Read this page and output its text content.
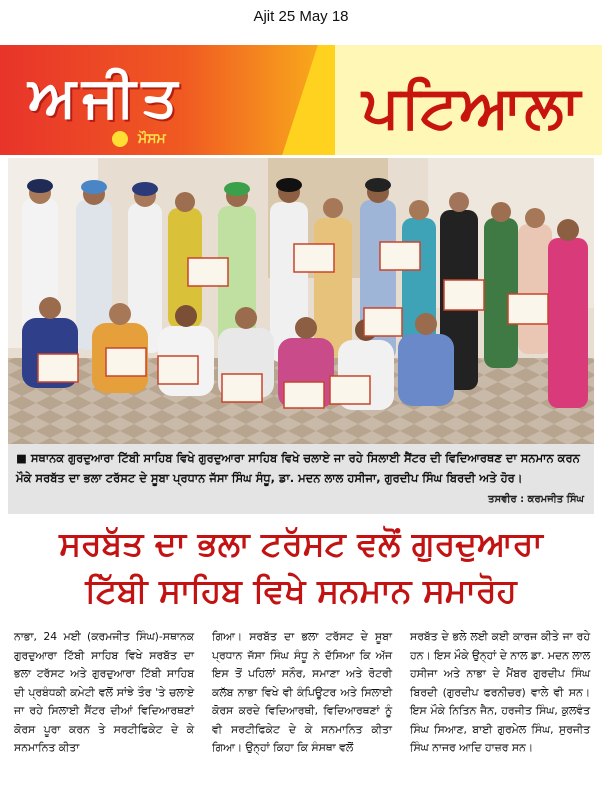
Ajit 25 May 18
ਅਜੀਤ
ਮੌਸਮ	ਪਟਿਆਲਾ
■ ਸਥਾਨਕ ਗੁਰਦੁਆਰਾ ਟਿੱਬੀ ਸਾਹਿਬ ਵਿਖੇ ਗੁਰਦੁਆਰਾ ਸਾਹਿਬ ਵਿਖੇ ਚਲਾਏ ਜਾ ਰਹੇ ਸਿਲਾਈ ਸੈਂਟਰ ਦੀ ਵਿਦਿਆਰਥਣ ਦਾ ਸਨਮਾਨ ਕਰਨ ਮੌਕੇ ਸਰਬੱਤ ਦਾ ਭਲਾ ਟਰੱਸਟ ਦੇ ਸੂਬਾ ਪ੍ਰਧਾਨ ਜੱਸਾ ਸਿੰਘ ਸੰਧੂ, ਡਾ. ਮਦਨ ਲਾਲ ਹਸੀਜਾ, ਗੁਰਦੀਪ ਸਿੰਘ ਬਿਰਦੀ ਅਤੇ ਹੋਰ।
ਤਸਵੀਰ : ਕਰਮਜੀਤ ਸਿੰਘ
ਸਰਬੱਤ ਦਾ ਭਲਾ ਟਰੱਸਟ ਵਲੋਂ ਗੁਰਦੁਆਰਾ
ਟਿੱਬੀ ਸਾਹਿਬ ਵਿਖੇ ਸਨਮਾਨ ਸਮਾਰੋਹ
ਨਾਭਾ, 24 ਮਈ (ਕਰਮਜੀਤ ਸਿੰਘ)-ਸਥਾਨਕ ਗੁਰਦੁਆਰਾ ਟਿੱਬੀ ਸਾਹਿਬ ਵਿਖੇ ਸਰਬੱਤ ਦਾ ਭਲਾ ਟਰੱਸਟ ਅਤੇ ਗੁਰਦੁਆਰਾ ਟਿੱਬੀ ਸਾਹਿਬ ਦੀ ਪ੍ਰਬੰਧਕੀ ਕਮੇਟੀ ਵਲੋਂ ਸਾਂਝੇ ਤੌਰ 'ਤੇ ਚਲਾਏ ਜਾ ਰਹੇ ਸਿਲਾਈ ਸੈਂਟਰ ਦੀਆਂ ਵਿਦਿਆਰਥਣਾਂ ਕੋਰਸ ਪੂਰਾ ਕਰਨ ਤੇ ਸਰਟੀਫਿਕੇਟ ਦੇ ਕੇ ਸਨਮਾਨਿਤ ਕੀਤਾ
ਗਿਆ। ਸਰਬੱਤ ਦਾ ਭਲਾ ਟਰੱਸਟ ਦੇ ਸੂਬਾ ਪ੍ਰਧਾਨ ਜੱਸਾ ਸਿੰਘ ਸੰਧੂ ਨੇ ਦੱਸਿਆ ਕਿ ਅੱਜ ਇਸ ਤੋਂ ਪਹਿਲਾਂ ਸਨੌਰ, ਸਮਾਣਾ ਅਤੇ ਰੋਟਰੀ ਕਲੱਬ ਨਾਭਾ ਵਿਖੇ ਵੀ ਕੰਪਿਊਟਰ ਅਤੇ ਸਿਲਾਈ ਕੋਰਸ ਕਰਦੇ ਵਿਦਿਆਰਥੀ, ਵਿਦਿਆਰਥਣਾਂ ਨੂੰ ਵੀ ਸਰਟੀਫਿਕੇਟ ਦੇ ਕੇ ਸਨਮਾਨਿਤ ਕੀਤਾ ਗਿਆ। ਉਨ੍ਹਾਂ ਕਿਹਾ ਕਿ ਸੰਸਥਾ ਵਲੋਂ
ਸਰਬੱਤ ਦੇ ਭਲੇ ਲਈ ਕਈ ਕਾਰਜ ਕੀਤੇ ਜਾ ਰਹੇ ਹਨ। ਇਸ ਮੌਕੇ ਉਨ੍ਹਾਂ ਦੇ ਨਾਲ ਡਾ. ਮਦਨ ਲਾਲ ਹਸੀਜਾ ਅਤੇ ਨਾਭਾ ਦੇ ਮੈਂਬਰ ਗੁਰਦੀਪ ਸਿੰਘ ਬਿਰਦੀ (ਗੁਰਦੀਪ ਫਰਨੀਚਰ) ਵਾਲੇ ਵੀ ਸਨ। ਇਸ ਮੌਕੇ ਨਿਤਿਨ ਜੈਨ, ਹਰਜੀਤ ਸਿੰਘ, ਕੁਲਵੰਤ ਸਿੰਘ ਸਿਆਣ, ਬਾਈ ਗੁਰਮੇਲ ਸਿੰਘ, ਸੁਰਜੀਤ ਸਿੰਘ ਨਾਜਰ ਆਦਿ ਹਾਜ਼ਰ ਸਨ।
